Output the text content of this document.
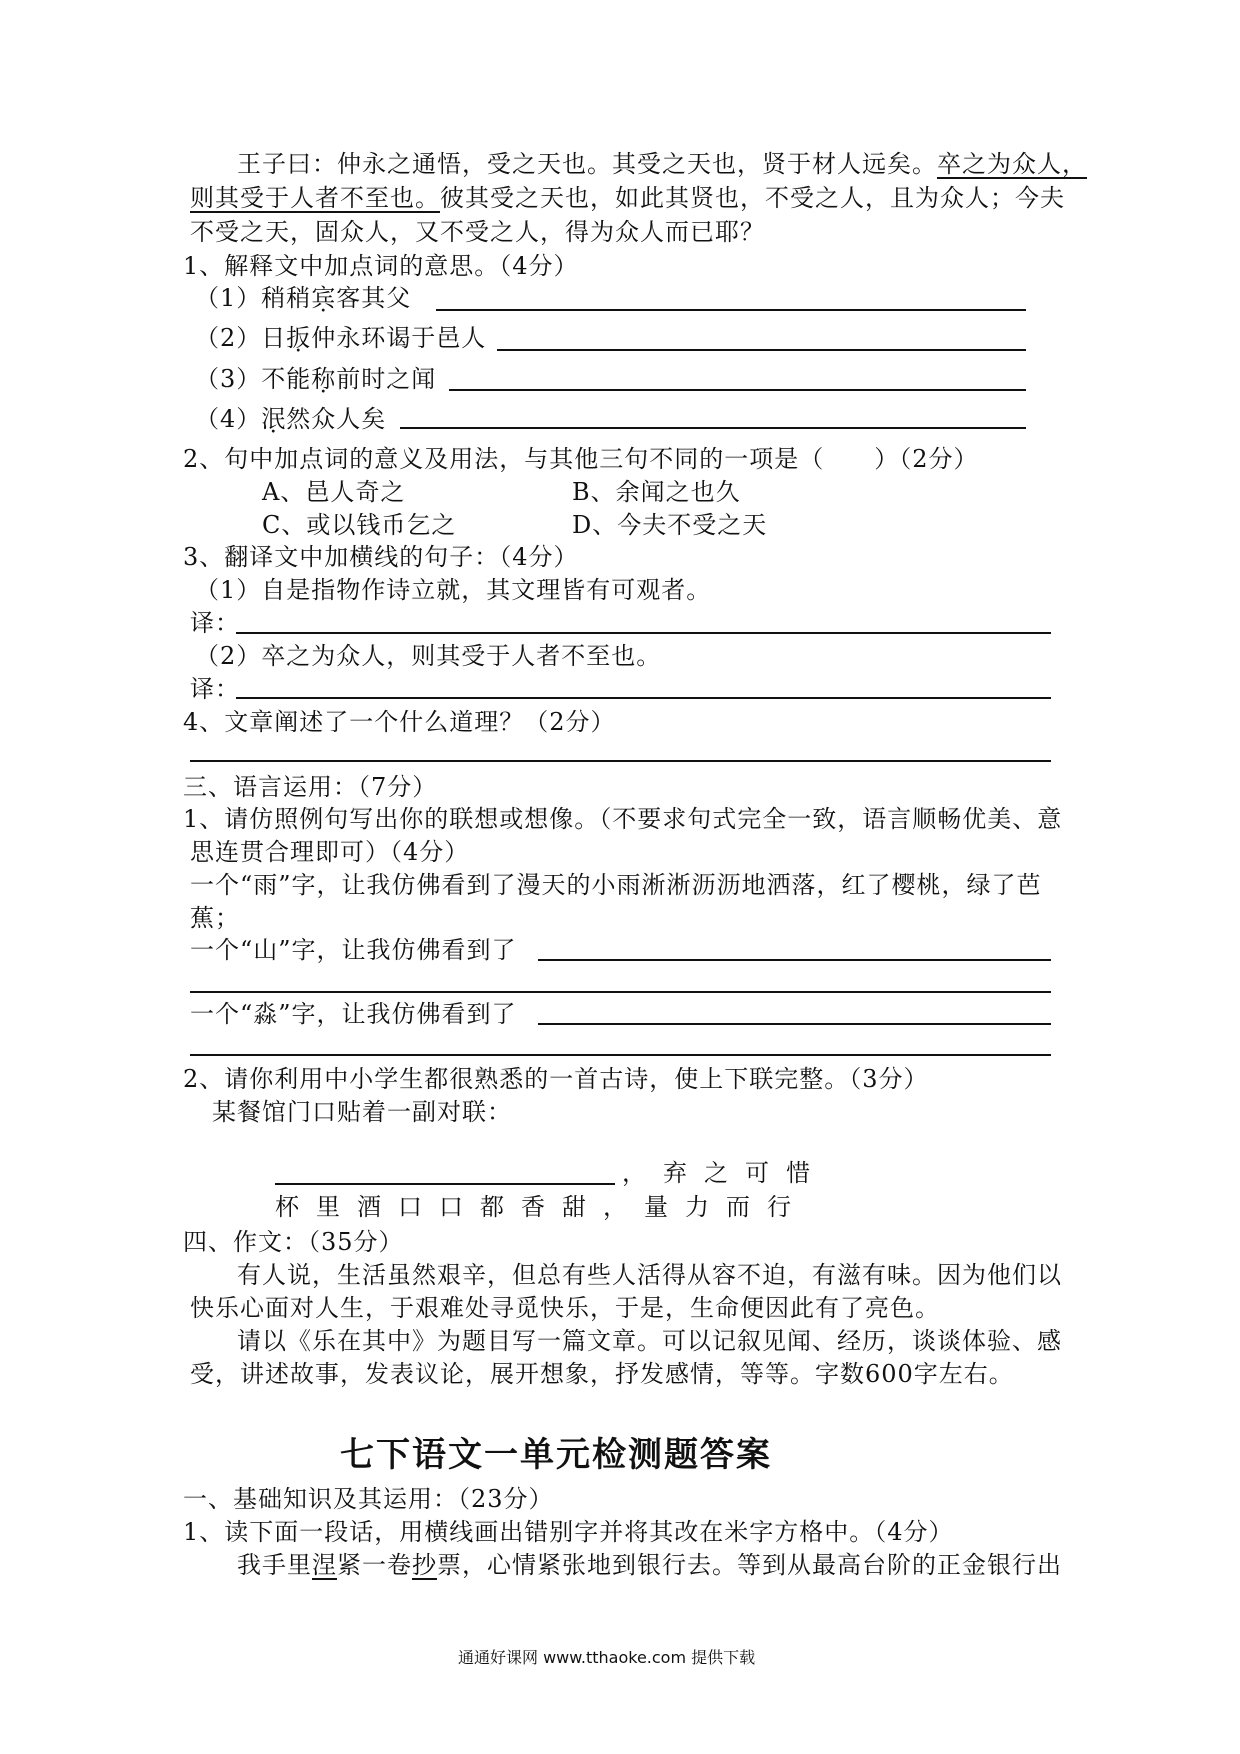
王子曰：仲永之通悟，受之天也。其受之天也，贤于材人远矣。卒之为众人，
则其受于人者不至也。彼其受之天也，如此其贤也，不受之人，且为众人；今夫
不受之天，固众人，又不受之人，得为众人而已耶？
1、解释文中加点词的意思。（4分）
（1）稍稍宾客其父
（2）日扳仲永环谒于邑人
（3）不能称前时之闻
（4）泯然众人矣
2、句中加点词的意义及用法，与其他三句不同的一项是（　　）（2分）
A、邑人奇之	B、余闻之也久
C、或以钱币乞之	D、今夫不受之天
3、翻译文中加横线的句子：（4分）
（1）自是指物作诗立就，其文理皆有可观者。
译：
（2）卒之为众人，则其受于人者不至也。
译：
4、文章阐述了一个什么道理？（2分）
三、语言运用：（7分）
1、请仿照例句写出你的联想或想像。（不要求句式完全一致，语言顺畅优美、意
思连贯合理即可）（4分）
一个“雨”字，让我仿佛看到了漫天的小雨淅淅沥沥地洒落，红了樱桃，绿了芭
蕉；
一个“山”字，让我仿佛看到了
一个“淼”字，让我仿佛看到了
2、请你利用中小学生都很熟悉的一首古诗，使上下联完整。（3分）
某餐馆门口贴着一副对联：
，弃之可惜
杯里酒口口都香甜，量力而行
四、作文：（35分）
有人说，生活虽然艰辛，但总有些人活得从容不迫，有滋有味。因为他们以
快乐心面对人生，于艰难处寻觅快乐，于是，生命便因此有了亮色。
请以《乐在其中》为题目写一篇文章。可以记叙见闻、经历，谈谈体验、感
受，讲述故事，发表议论，展开想象，抒发感情，等等。字数600字左右。
七下语文一单元检测题答案
一、基础知识及其运用：（23分）
1、读下面一段话，用横线画出错别字并将其改在米字方格中。（4分）
我手里涅紧一卷抄票，心情紧张地到银行去。等到从最高台阶的正金银行出
通通好课网 www.tthaoke.com 提供下载
